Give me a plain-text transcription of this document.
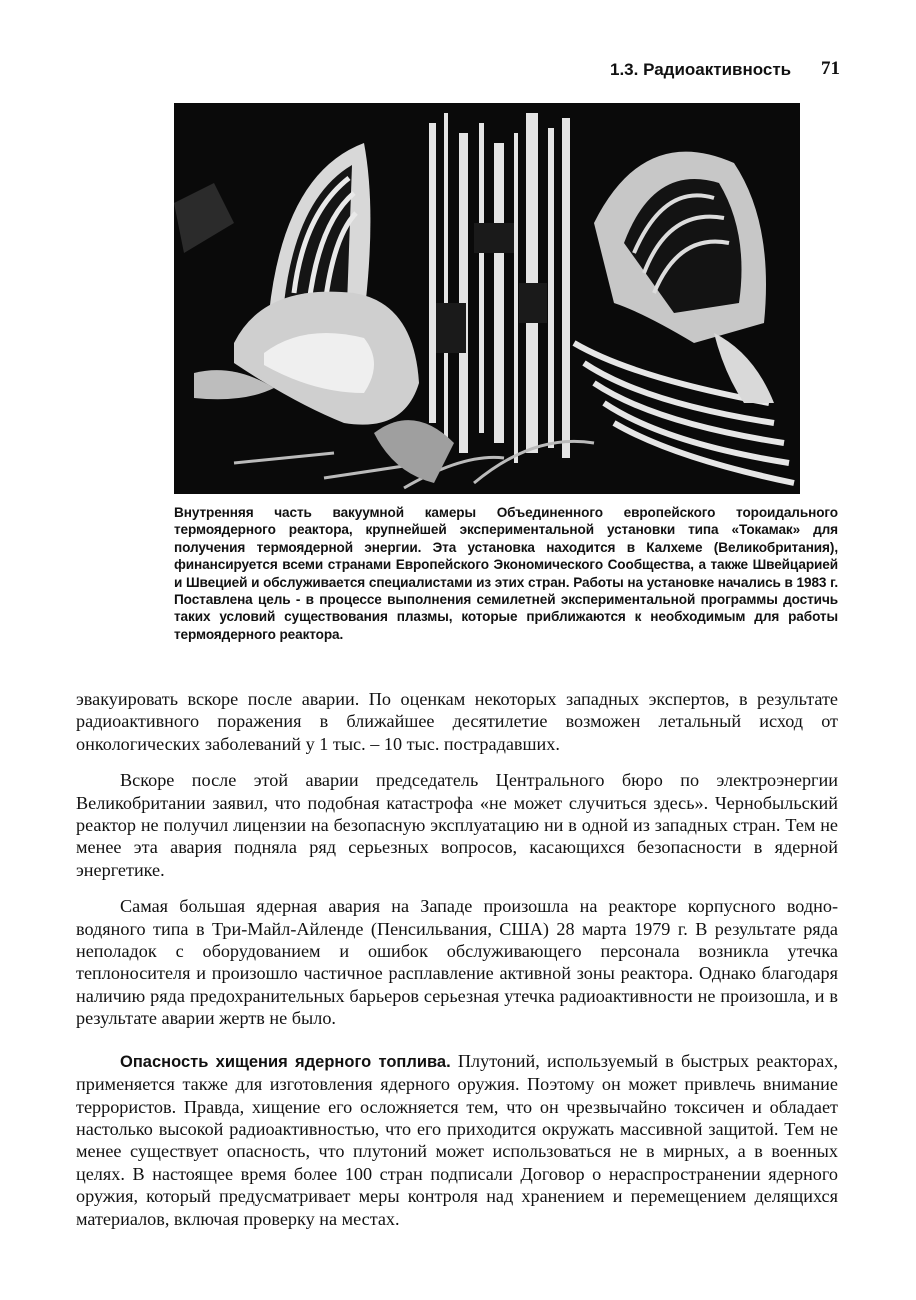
1.3. Радиоактивность 71
Внутренняя часть вакуумной камеры Объединенного европейского тороидального термоядерного реактора, крупнейшей экспериментальной установки типа «Токамак» для получения термоядерной энергии. Эта установка находится в Калхеме (Великобритания), финансируется всеми странами Европейского Экономического Сообщества, а также Швейцарией и Швецией и обслуживается специалистами из этих стран. Работы на установке начались в 1983 г. Поставлена цель - в процессе выполнения семилетней экспериментальной программы достичь таких условий существования плазмы, которые приближаются к необходимым для работы термоядерного реактора.

эвакуировать вскоре после аварии. По оценкам некоторых западных экспертов, в результате радиоактивного поражения в ближайшее десятилетие возможен летальный исход от онкологических заболеваний у 1 тыс. – 10 тыс. пострадавших.

Вскоре после этой аварии председатель Центрального бюро по электроэнергии Великобритании заявил, что подобная катастрофа «не может случиться здесь». Чернобыльский реактор не получил лицензии на безопасную эксплуатацию ни в одной из западных стран. Тем не менее эта авария подняла ряд серьезных вопросов, касающихся безопасности в ядерной энергетике.

Самая большая ядерная авария на Западе произошла на реакторе корпусного водно-водяного типа в Три-Майл-Айленде (Пенсильвания, США) 28 марта 1979 г. В результате ряда неполадок с оборудованием и ошибок обслуживающего персонала возникла утечка теплоносителя и произошло частичное расплавление активной зоны реактора. Однако благодаря наличию ряда предохранительных барьеров серьезная утечка радиоактивности не произошла, и в результате аварии жертв не было.

Опасность хищения ядерного топлива. Плутоний, используемый в быстрых реакторах, применяется также для изготовления ядерного оружия. Поэтому он может привлечь внимание террористов. Правда, хищение его осложняется тем, что он чрезвычайно токсичен и обладает настолько высокой радиоактивностью, что его приходится окружать массивной защитой. Тем не менее существует опасность, что плутоний может использоваться не в мирных, а в военных целях. В настоящее время более 100 стран подписали Договор о нераспространении ядерного оружия, который предусматривает меры контроля над хранением и перемещением делящихся материалов, включая проверку на местах.
